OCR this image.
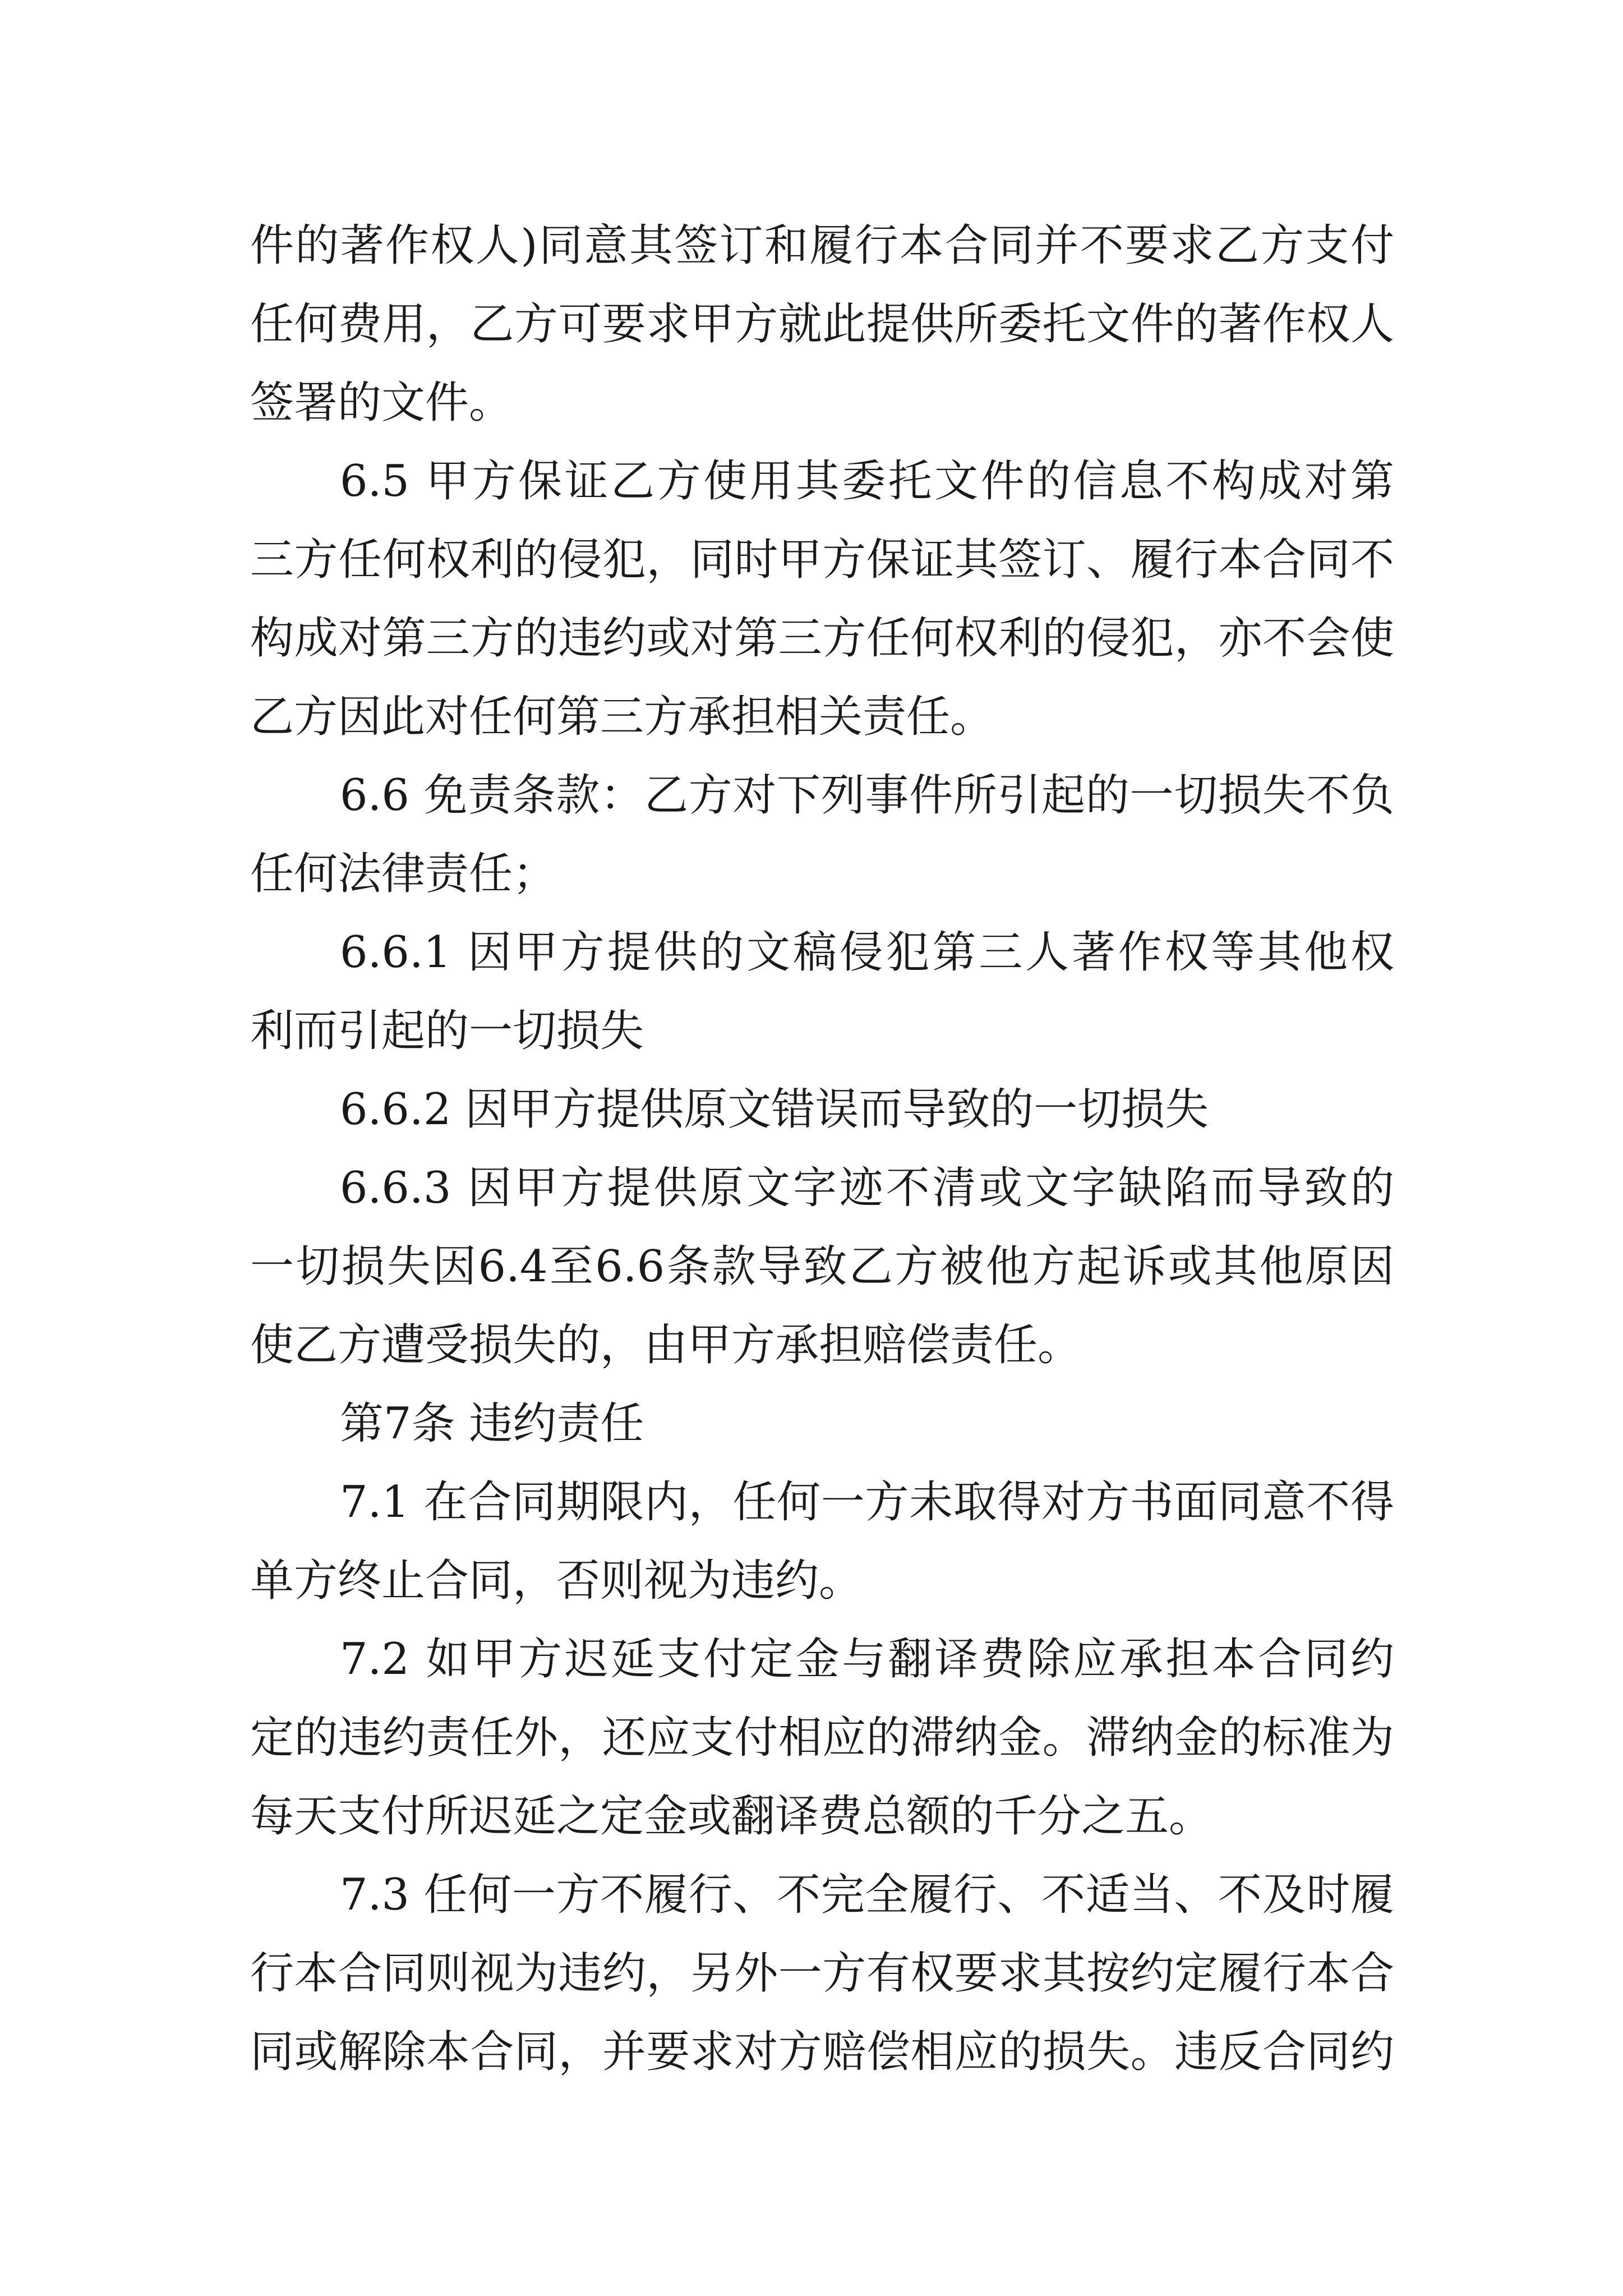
件的著作权人)同意其签订和履行本合同并不要求乙方支付
任何费用，乙方可要求甲方就此提供所委托文件的著作权人
签署的文件。
6.5 甲方保证乙方使用其委托文件的信息不构成对第
三方任何权利的侵犯，同时甲方保证其签订、履行本合同不
构成对第三方的违约或对第三方任何权利的侵犯，亦不会使
乙方因此对任何第三方承担相关责任。
6.6 免责条款：乙方对下列事件所引起的一切损失不负
任何法律责任；
6.6.1 因甲方提供的文稿侵犯第三人著作权等其他权
利而引起的一切损失
6.6.2 因甲方提供原文错误而导致的一切损失
6.6.3 因甲方提供原文字迹不清或文字缺陷而导致的
一切损失因6.4至6.6条款导致乙方被他方起诉或其他原因
使乙方遭受损失的，由甲方承担赔偿责任。
第7条 违约责任
7.1 在合同期限内，任何一方未取得对方书面同意不得
单方终止合同，否则视为违约。
7.2 如甲方迟延支付定金与翻译费除应承担本合同约
定的违约责任外，还应支付相应的滞纳金。滞纳金的标准为
每天支付所迟延之定金或翻译费总额的千分之五。
7.3 任何一方不履行、不完全履行、不适当、不及时履
行本合同则视为违约，另外一方有权要求其按约定履行本合
同或解除本合同，并要求对方赔偿相应的损失。违反合同约
